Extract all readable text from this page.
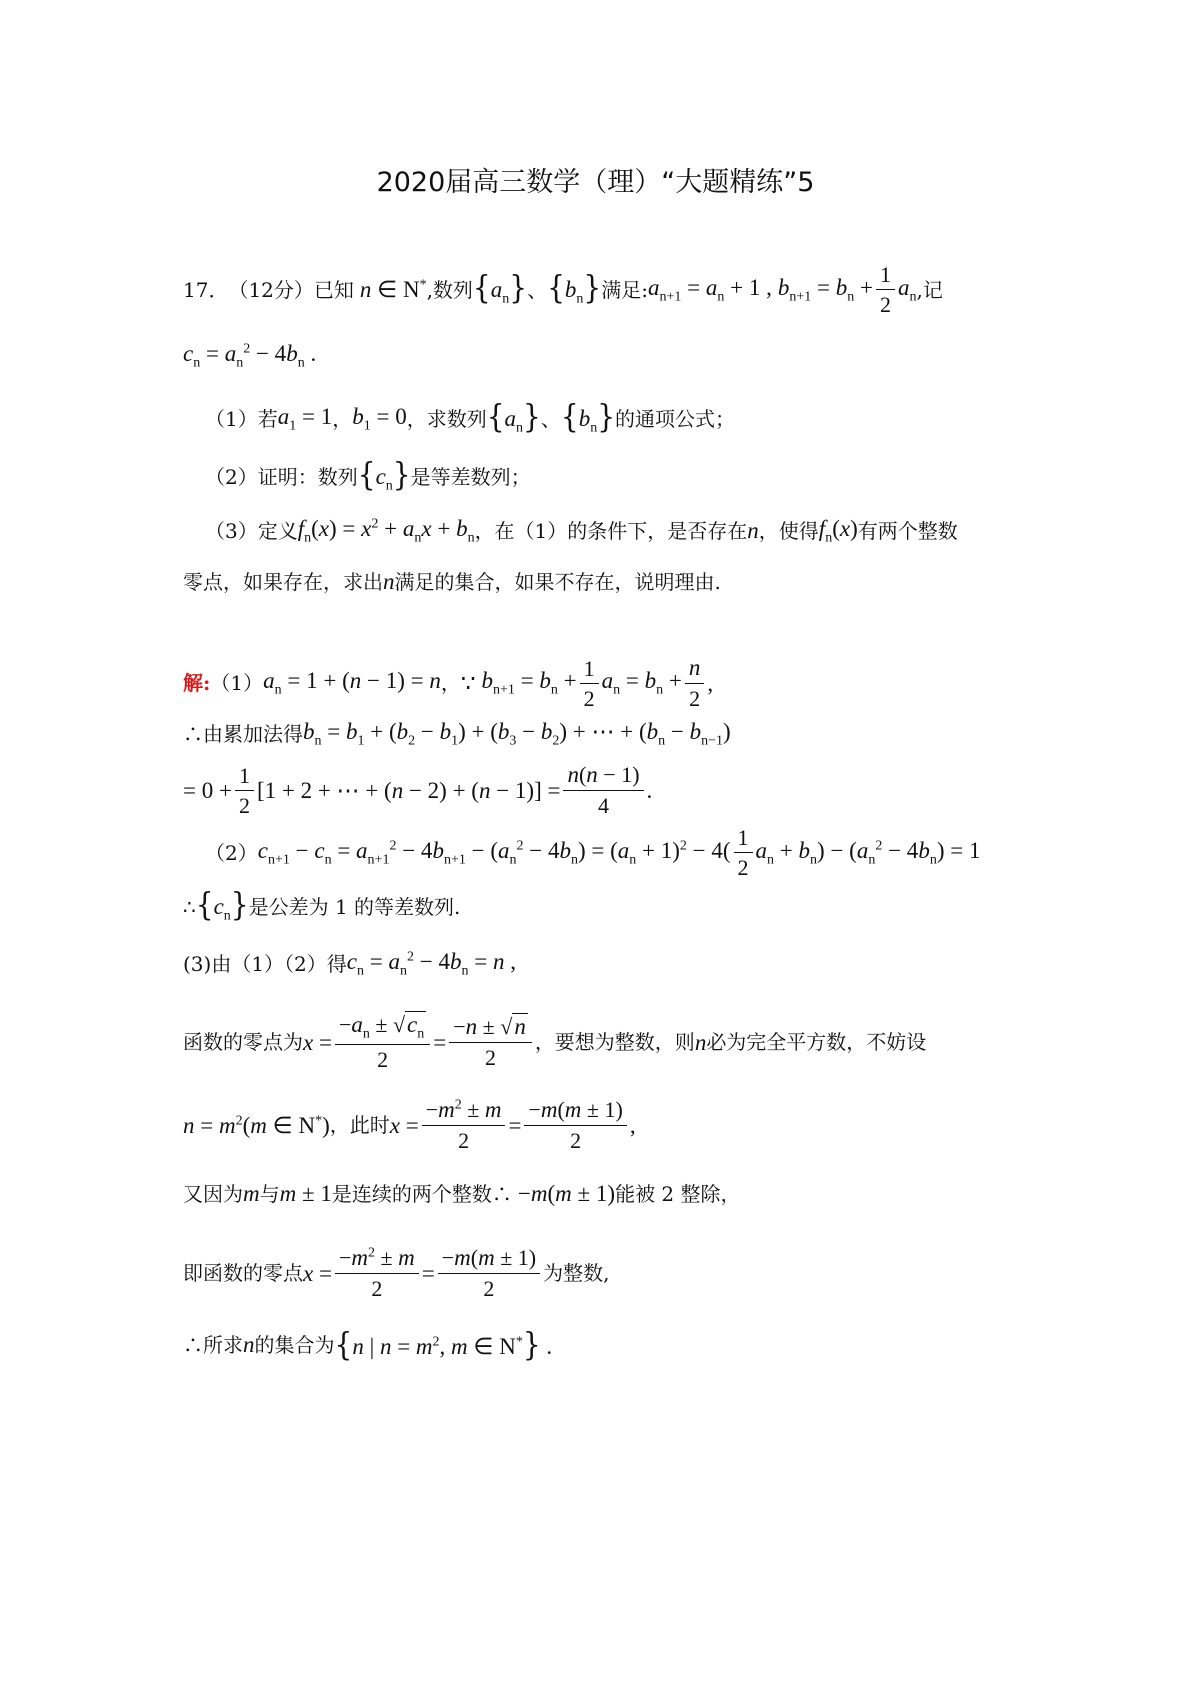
2020届高三数学（理）“大题精练”5
17． （12分） 已知 n ∈ N* ,数列 $\{a_n\}$ 、 $\{b_n\}$ 满足: $a_{n+1} = a_n + 1$ , $b_{n+1} = b_n + \frac{1}{2} a_n$ ,记
$c_n = a_n^2 - 4b_n$ .
（1）若 $a_1 = 1$ ， $b_1 = 0$ ，求数列 $\{a_n\}$ 、 $\{b_n\}$ 的通项公式；
（2）证明：数列 $\{c_n\}$ 是等差数列；
（3）定义 $f_n(x) = x^2 + a_nx + b_n$ ，在（1）的条件下，是否存在 n ，使得 $f_n(x)$ 有两个整数
零点，如果存在，求出 n 满足的集合，如果不存在，说明理由.
解: （1） $a_n = 1 + (n - 1) = n$ ， ∵ $b_{n+1} = b_n + \frac{1}{2} a_n = b_n + \frac{n}{2}$ ,
∴由累加法得 $b_n = b_1 + (b_2 - b_1) + (b_3 - b_2)$ + ⋯ + $(b_n - b_{n-1})$
= $0 + \frac{1}{2} [1 + 2$ + ⋯ + $(n - 2) + (n - 1)] = \frac{n(n - 1)}{4}$ .
（2） $c_{n+1} - c_n = a_{n+1}^2 - 4b_{n+1} - (a_n^2 - 4b_n) = (a_n + 1)^2 - 4( \frac{1}{2} a_n + b_n) - (a_n^2 - 4b_n) = 1$
∴ $\{c_n\}$ 是公差为 1 的等差数列.
(3)由（1）（2）得 $c_n = a_n^2 - 4b_n = n$ ,
函数的零点为 $x = \frac{-a_n \pm √c_n}{2} = \frac{-n \pm √n}{2}$ ，要想为整数，则 n 必为完全平方数，不妨设
$n = m^2(m$ ∈ N*) ，此时 $x = \frac{-m^2 \pm m}{2} = \frac{-m(m \pm 1)}{2}$ ,
又因为 m 与 m ± 1 是连续的两个整数∴ −m(m ± 1) 能被 2 整除，
即函数的零点 $x = \frac{-m^2 \pm m}{2} = \frac{-m(m \pm 1)}{2}$ 为整数,
∴所求 n 的集合为 {n | $n = m^2$, m ∈ N*} .
